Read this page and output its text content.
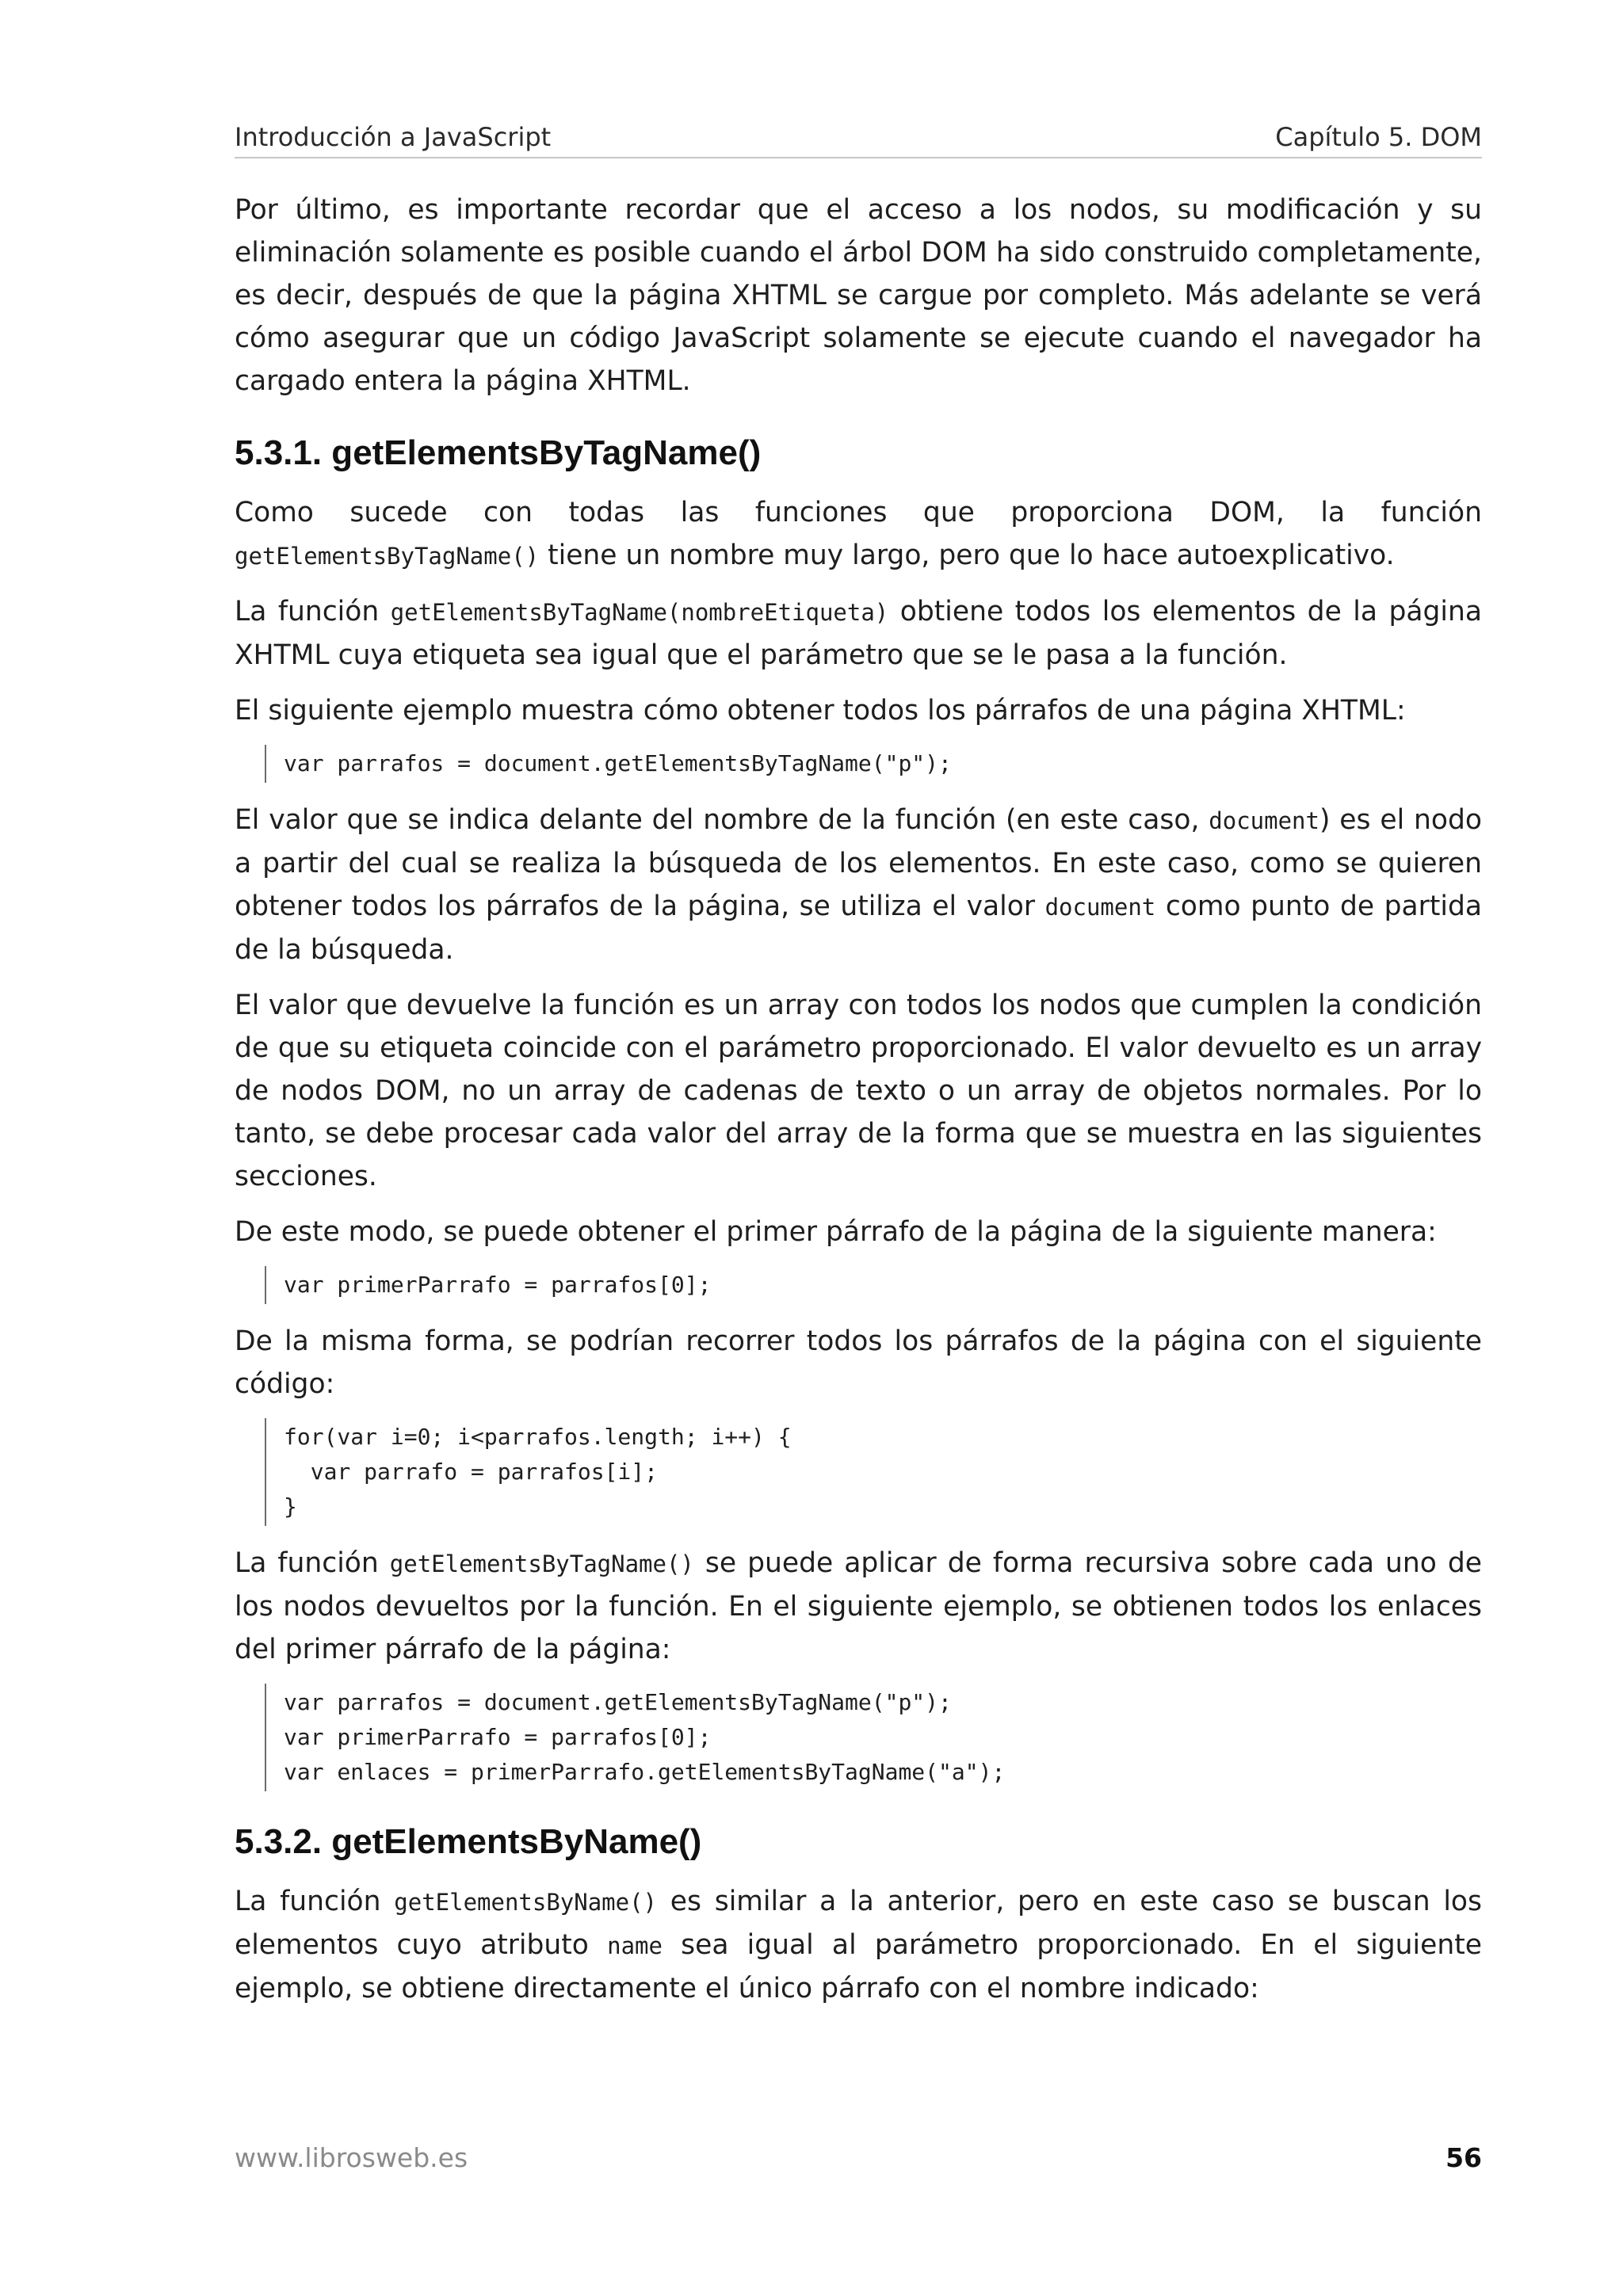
Introducción a JavaScript	Capítulo 5. DOM

Por último, es importante recordar que el acceso a los nodos, su modificación y su eliminación solamente es posible cuando el árbol DOM ha sido construido completamente, es decir, después de que la página XHTML se cargue por completo. Más adelante se verá cómo asegurar que un código JavaScript solamente se ejecute cuando el navegador ha cargado entera la página XHTML.

5.3.1. getElementsByTagName()

Como sucede con todas las funciones que proporciona DOM, la función getElementsByTagName() tiene un nombre muy largo, pero que lo hace autoexplicativo.

La función getElementsByTagName(nombreEtiqueta) obtiene todos los elementos de la página XHTML cuya etiqueta sea igual que el parámetro que se le pasa a la función.

El siguiente ejemplo muestra cómo obtener todos los párrafos de una página XHTML:

var parrafos = document.getElementsByTagName("p");

El valor que se indica delante del nombre de la función (en este caso, document) es el nodo a partir del cual se realiza la búsqueda de los elementos. En este caso, como se quieren obtener todos los párrafos de la página, se utiliza el valor document como punto de partida de la búsqueda.

El valor que devuelve la función es un array con todos los nodos que cumplen la condición de que su etiqueta coincide con el parámetro proporcionado. El valor devuelto es un array de nodos DOM, no un array de cadenas de texto o un array de objetos normales. Por lo tanto, se debe procesar cada valor del array de la forma que se muestra en las siguientes secciones.

De este modo, se puede obtener el primer párrafo de la página de la siguiente manera:

var primerParrafo = parrafos[0];

De la misma forma, se podrían recorrer todos los párrafos de la página con el siguiente código:

for(var i=0; i<parrafos.length; i++) {
var parrafo = parrafos[i];
}

La función getElementsByTagName() se puede aplicar de forma recursiva sobre cada uno de los nodos devueltos por la función. En el siguiente ejemplo, se obtienen todos los enlaces del primer párrafo de la página:

var parrafos = document.getElementsByTagName("p");
var primerParrafo = parrafos[0];
var enlaces = primerParrafo.getElementsByTagName("a");
5.3.2. getElementsByName()

La función getElementsByName() es similar a la anterior, pero en este caso se buscan los elementos cuyo atributo name sea igual al parámetro proporcionado. En el siguiente ejemplo, se obtiene directamente el único párrafo con el nombre indicado:

www.librosweb.es	56
